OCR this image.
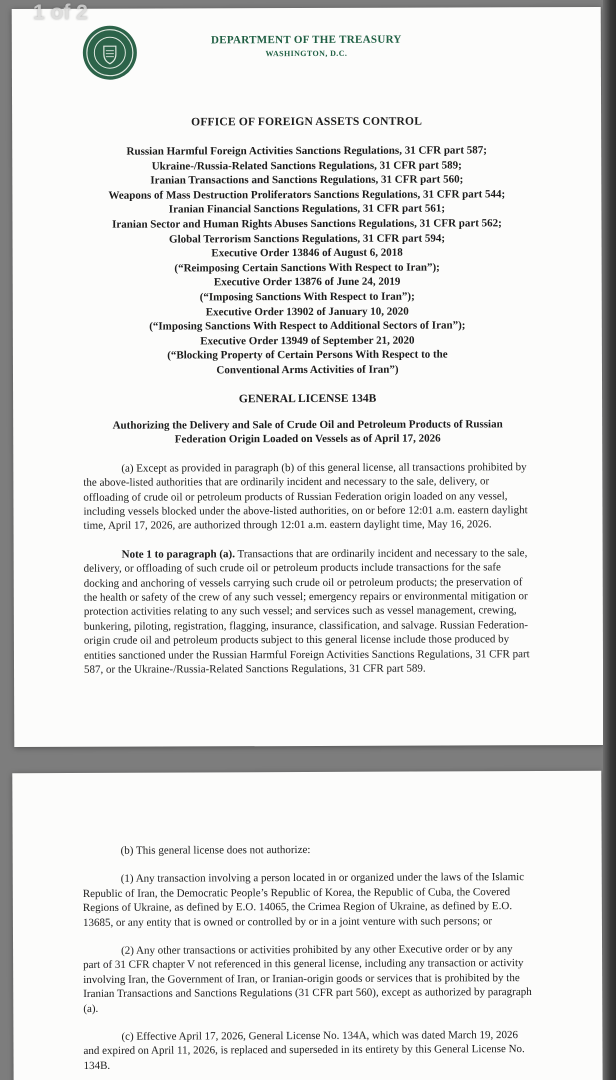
1 of 2
DEPARTMENT OF THE TREASURY
WASHINGTON, D.C.
OFFICE OF FOREIGN ASSETS CONTROL
Russian Harmful Foreign Activities Sanctions Regulations, 31 CFR part 587;
Ukraine-/Russia-Related Sanctions Regulations, 31 CFR part 589;
Iranian Transactions and Sanctions Regulations, 31 CFR part 560;
Weapons of Mass Destruction Proliferators Sanctions Regulations, 31 CFR part 544;
Iranian Financial Sanctions Regulations, 31 CFR part 561;
Iranian Sector and Human Rights Abuses Sanctions Regulations, 31 CFR part 562;
Global Terrorism Sanctions Regulations, 31 CFR part 594;
Executive Order 13846 of August 6, 2018
(“Reimposing Certain Sanctions With Respect to Iran”);
Executive Order 13876 of June 24, 2019
(“Imposing Sanctions With Respect to Iran”);
Executive Order 13902 of January 10, 2020
(“Imposing Sanctions With Respect to Additional Sectors of Iran”);
Executive Order 13949 of September 21, 2020
(“Blocking Property of Certain Persons With Respect to the
Conventional Arms Activities of Iran”)
GENERAL LICENSE 134B
Authorizing the Delivery and Sale of Crude Oil and Petroleum Products of Russian Federation Origin Loaded on Vessels as of April 17, 2026
(a) Except as provided in paragraph (b) of this general license, all transactions prohibited by the above-listed authorities that are ordinarily incident and necessary to the sale, delivery, or offloading of crude oil or petroleum products of Russian Federation origin loaded on any vessel, including vessels blocked under the above-listed authorities, on or before 12:01 a.m. eastern daylight time, April 17, 2026, are authorized through 12:01 a.m. eastern daylight time, May 16, 2026.
Note 1 to paragraph (a). Transactions that are ordinarily incident and necessary to the sale, delivery, or offloading of such crude oil or petroleum products include transactions for the safe docking and anchoring of vessels carrying such crude oil or petroleum products; the preservation of the health or safety of the crew of any such vessel; emergency repairs or environmental mitigation or protection activities relating to any such vessel; and services such as vessel management, crewing, bunkering, piloting, registration, flagging, insurance, classification, and salvage. Russian Federation-origin crude oil and petroleum products subject to this general license include those produced by entities sanctioned under the Russian Harmful Foreign Activities Sanctions Regulations, 31 CFR part 587, or the Ukraine-/Russia-Related Sanctions Regulations, 31 CFR part 589.
(b) This general license does not authorize:
(1) Any transaction involving a person located in or organized under the laws of the Islamic Republic of Iran, the Democratic People’s Republic of Korea, the Republic of Cuba, the Covered Regions of Ukraine, as defined by E.O. 14065, the Crimea Region of Ukraine, as defined by E.O. 13685, or any entity that is owned or controlled by or in a joint venture with such persons; or
(2) Any other transactions or activities prohibited by any other Executive order or by any part of 31 CFR chapter V not referenced in this general license, including any transaction or activity involving Iran, the Government of Iran, or Iranian-origin goods or services that is prohibited by the Iranian Transactions and Sanctions Regulations (31 CFR part 560), except as authorized by paragraph (a).
(c) Effective April 17, 2026, General License No. 134A, which was dated March 19, 2026 and expired on April 11, 2026, is replaced and superseded in its entirety by this General License No. 134B.
